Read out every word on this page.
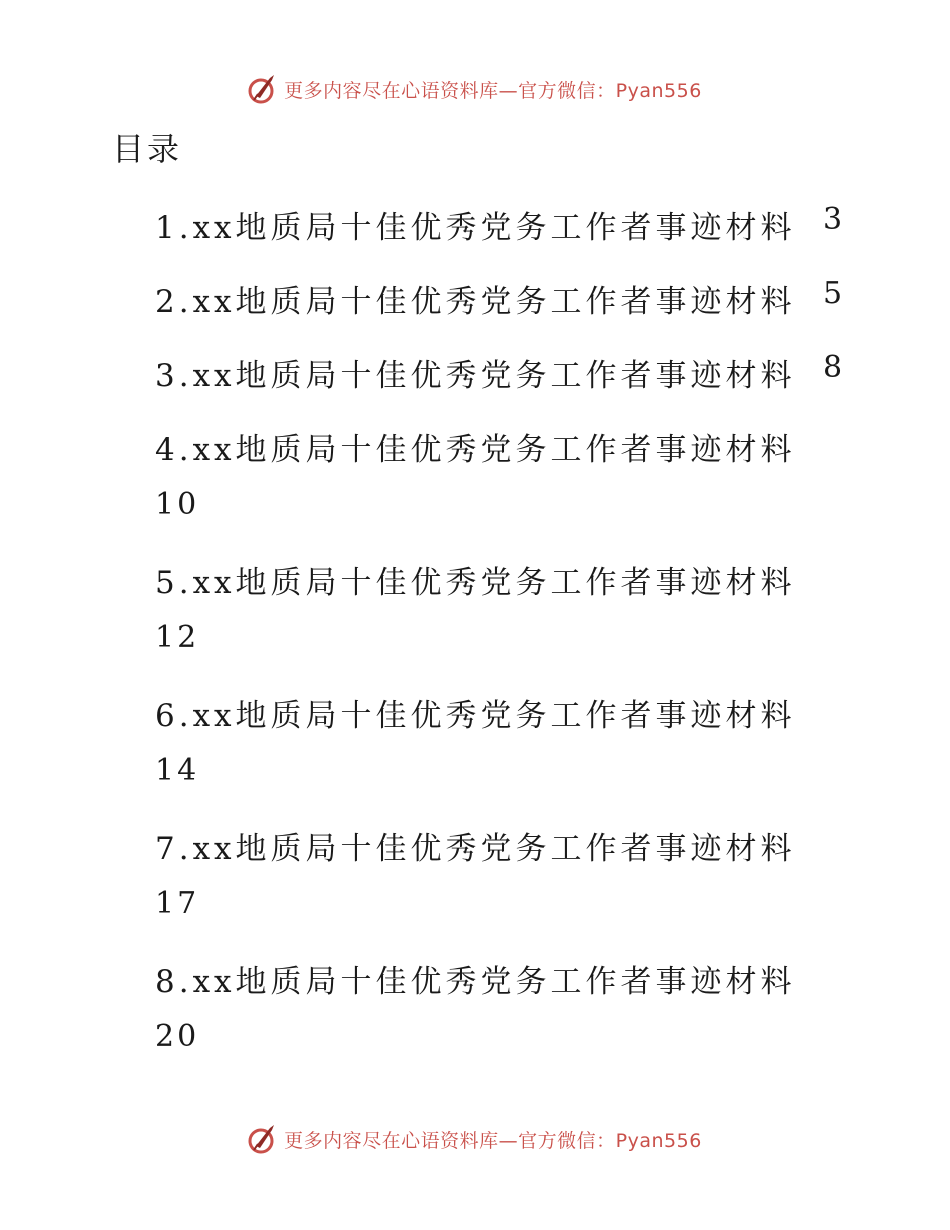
更多内容尽在心语资料库—官方微信：Pyan556
目录
1.xx地质局十佳优秀党务工作者事迹材料 3
2.xx地质局十佳优秀党务工作者事迹材料 5
3.xx地质局十佳优秀党务工作者事迹材料 8
4.xx地质局十佳优秀党务工作者事迹材料
10
5.xx地质局十佳优秀党务工作者事迹材料
12
6.xx地质局十佳优秀党务工作者事迹材料
14
7.xx地质局十佳优秀党务工作者事迹材料
17
8.xx地质局十佳优秀党务工作者事迹材料
20
更多内容尽在心语资料库—官方微信：Pyan556
